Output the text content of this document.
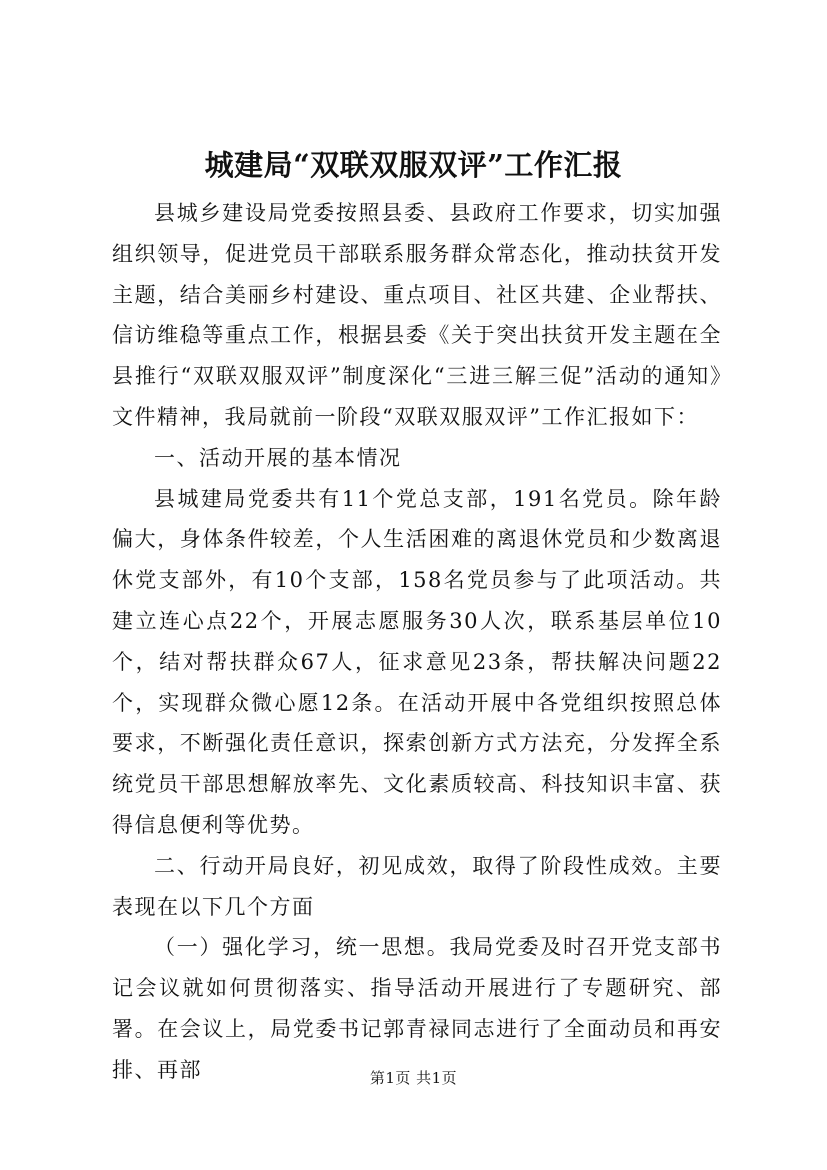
城建局“双联双服双评”工作汇报

县城乡建设局党委按照县委、县政府工作要求，切实加强组织领导，促进党员干部联系服务群众常态化，推动扶贫开发主题，结合美丽乡村建设、重点项目、社区共建、企业帮扶、信访维稳等重点工作，根据县委《关于突出扶贫开发主题在全县推行“双联双服双评”制度深化“三进三解三促”活动的通知》文件精神，我局就前一阶段“双联双服双评”工作汇报如下：

一、活动开展的基本情况

县城建局党委共有11个党总支部，191名党员。除年龄偏大，身体条件较差，个人生活困难的离退休党员和少数离退休党支部外，有10个支部，158名党员参与了此项活动。共建立连心点22个，开展志愿服务30人次，联系基层单位10个，结对帮扶群众67人，征求意见23条，帮扶解决问题22个，实现群众微心愿12条。在活动开展中各党组织按照总体要求，不断强化责任意识，探索创新方式方法充，分发挥全系统党员干部思想解放率先、文化素质较高、科技知识丰富、获得信息便利等优势。

二、行动开局良好，初见成效，取得了阶段性成效。主要表现在以下几个方面

（一）强化学习，统一思想。我局党委及时召开党支部书记会议就如何贯彻落实、指导活动开展进行了专题研究、部署。在会议上，局党委书记郭青禄同志进行了全面动员和再安排、再部	第1页 共1页
